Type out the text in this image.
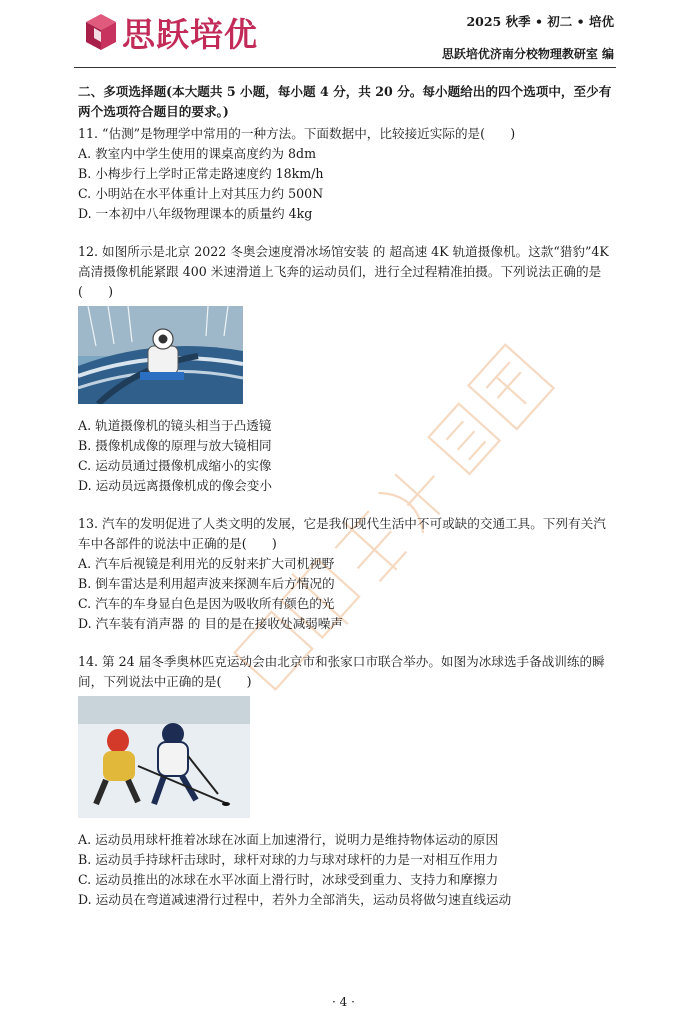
思跃培优	2025 秋季 • 初二 • 培优
思跃培优济南分校物理教研室 编
二、多项选择题(本大题共 5 小题，每小题 4 分，共 20 分。每小题给出的四个选项中，至少有两个选项符合题目的要求。)
11. “估测”是物理学中常用的一种方法。下面数据中，比较接近实际的是(　　)
A. 教室内中学生使用的课桌高度约为 8dm
B. 小梅步行上学时正常走路速度约 18km/h
C. 小明站在水平体重计上对其压力约 500N
D. 一本初中八年级物理课本的质量约 4kg
12. 如图所示是北京 2022 冬奥会速度滑冰场馆安装 的 超高速 4K 轨道摄像机。这款“猎豹”4K 高清摄像机能紧跟 400 米速滑道上飞奔的运动员们，进行全过程精准拍摄。下列说法正确的是(　　)
A. 轨道摄像机的镜头相当于凸透镜
B. 摄像机成像的原理与放大镜相同
C. 运动员通过摄像机成缩小的实像
D. 运动员远离摄像机成的像会变小
13. 汽车的发明促进了人类文明的发展，它是我们现代生活中不可或缺的交通工具。下列有关汽车中各部件的说法中正确的是(　　)
A. 汽车后视镜是利用光的反射来扩大司机视野
B. 倒车雷达是利用超声波来探测车后方情况的
C. 汽车的车身显白色是因为吸收所有颜色的光
D. 汽车装有消声器 的 目的是在接收处减弱噪声
14. 第 24 届冬季奥林匹克运动会由北京市和张家口市联合举办。如图为冰球选手备战训练的瞬间，下列说法中正确的是(　　)
A. 运动员用球杆推着冰球在冰面上加速滑行，说明力是维持物体运动的原因
B. 运动员手持球杆击球时，球杆对球的力与球对球杆的力是一对相互作用力
C. 运动员推出的冰球在水平冰面上滑行时，冰球受到重力、支持力和摩擦力
D. 运动员在弯道减速滑行过程中，若外力全部消失，运动员将做匀速直线运动
· 4 ·
